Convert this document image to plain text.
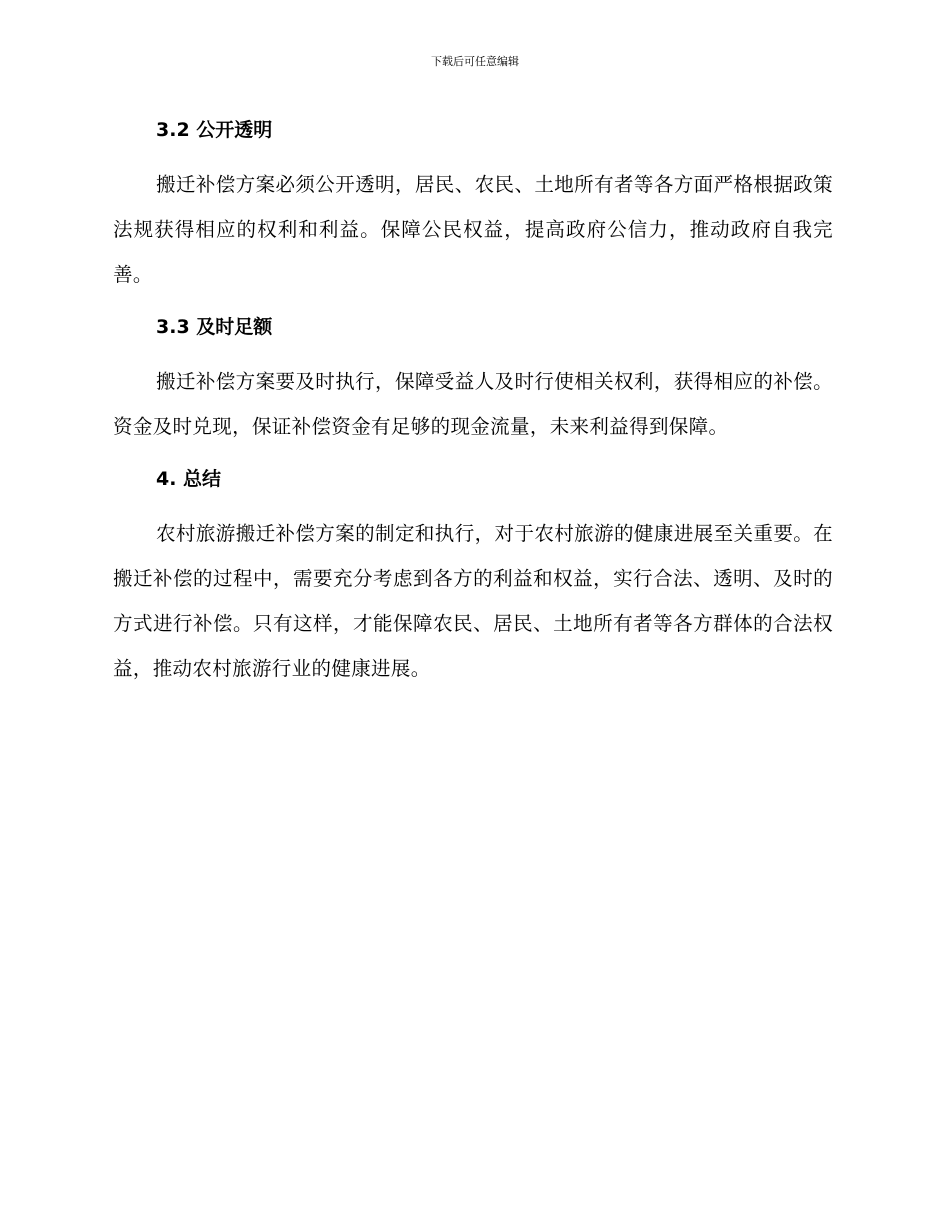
下载后可任意编辑
3.2 公开透明

搬迁补偿方案必须公开透明，居民、农民、土地所有者等各方面严格根据政策法规获得相应的权利和利益。保障公民权益，提高政府公信力，推动政府自我完善。

3.3 及时足额

搬迁补偿方案要及时执行，保障受益人及时行使相关权利，获得相应的补偿。资金及时兑现，保证补偿资金有足够的现金流量，未来利益得到保障。

4. 总结

农村旅游搬迁补偿方案的制定和执行，对于农村旅游的健康进展至关重要。在搬迁补偿的过程中，需要充分考虑到各方的利益和权益，实行合法、透明、及时的方式进行补偿。只有这样，才能保障农民、居民、土地所有者等各方群体的合法权益，推动农村旅游行业的健康进展。
